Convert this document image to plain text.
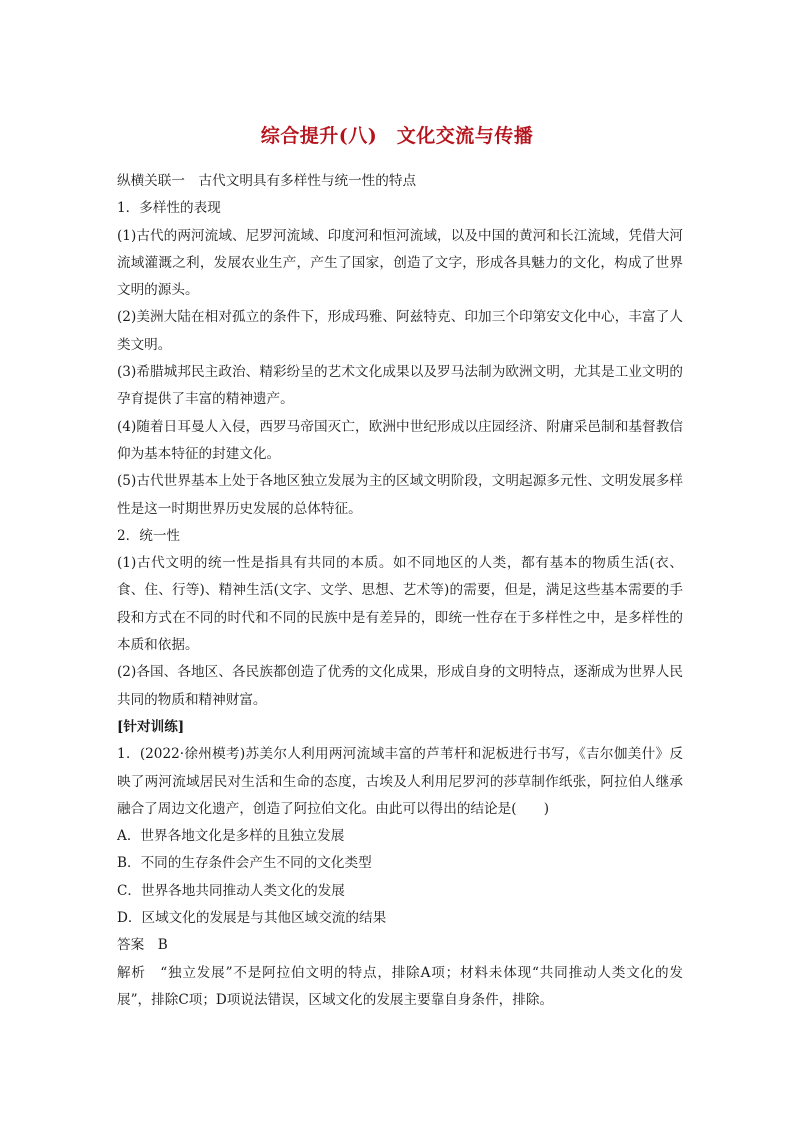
综合提升(八)　文化交流与传播

纵横关联一　古代文明具有多样性与统一性的特点

1．多样性的表现

(1)古代的两河流域、尼罗河流域、印度河和恒河流域，以及中国的黄河和长江流域，凭借大河流域灌溉之利，发展农业生产，产生了国家，创造了文字，形成各具魅力的文化，构成了世界文明的源头。

(2)美洲大陆在相对孤立的条件下，形成玛雅、阿兹特克、印加三个印第安文化中心，丰富了人类文明。

(3)希腊城邦民主政治、精彩纷呈的艺术文化成果以及罗马法制为欧洲文明，尤其是工业文明的孕育提供了丰富的精神遗产。

(4)随着日耳曼人入侵，西罗马帝国灭亡，欧洲中世纪形成以庄园经济、附庸采邑制和基督教信仰为基本特征的封建文化。

(5)古代世界基本上处于各地区独立发展为主的区域文明阶段，文明起源多元性、文明发展多样性是这一时期世界历史发展的总体特征。

2．统一性

(1)古代文明的统一性是指具有共同的本质。如不同地区的人类，都有基本的物质生活(衣、食、住、行等)、精神生活(文字、文学、思想、艺术等)的需要，但是，满足这些基本需要的手段和方式在不同的时代和不同的民族中是有差异的，即统一性存在于多样性之中，是多样性的本质和依据。

(2)各国、各地区、各民族都创造了优秀的文化成果，形成自身的文明特点，逐渐成为世界人民共同的物质和精神财富。

[针对训练]

1．(2022·徐州模考)苏美尔人利用两河流域丰富的芦苇杆和泥板进行书写，《吉尔伽美什》反映了两河流域居民对生活和生命的态度，古埃及人利用尼罗河的莎草制作纸张，阿拉伯人继承融合了周边文化遗产，创造了阿拉伯文化。由此可以得出的结论是(　　)

A．世界各地文化是多样的且独立发展

B．不同的生存条件会产生不同的文化类型

C．世界各地共同推动人类文化的发展

D．区域文化的发展是与其他区域交流的结果

答案　B

解析　“独立发展”不是阿拉伯文明的特点，排除A项；材料未体现“共同推动人类文化的发展”，排除C项；D项说法错误，区域文化的发展主要靠自身条件，排除。
